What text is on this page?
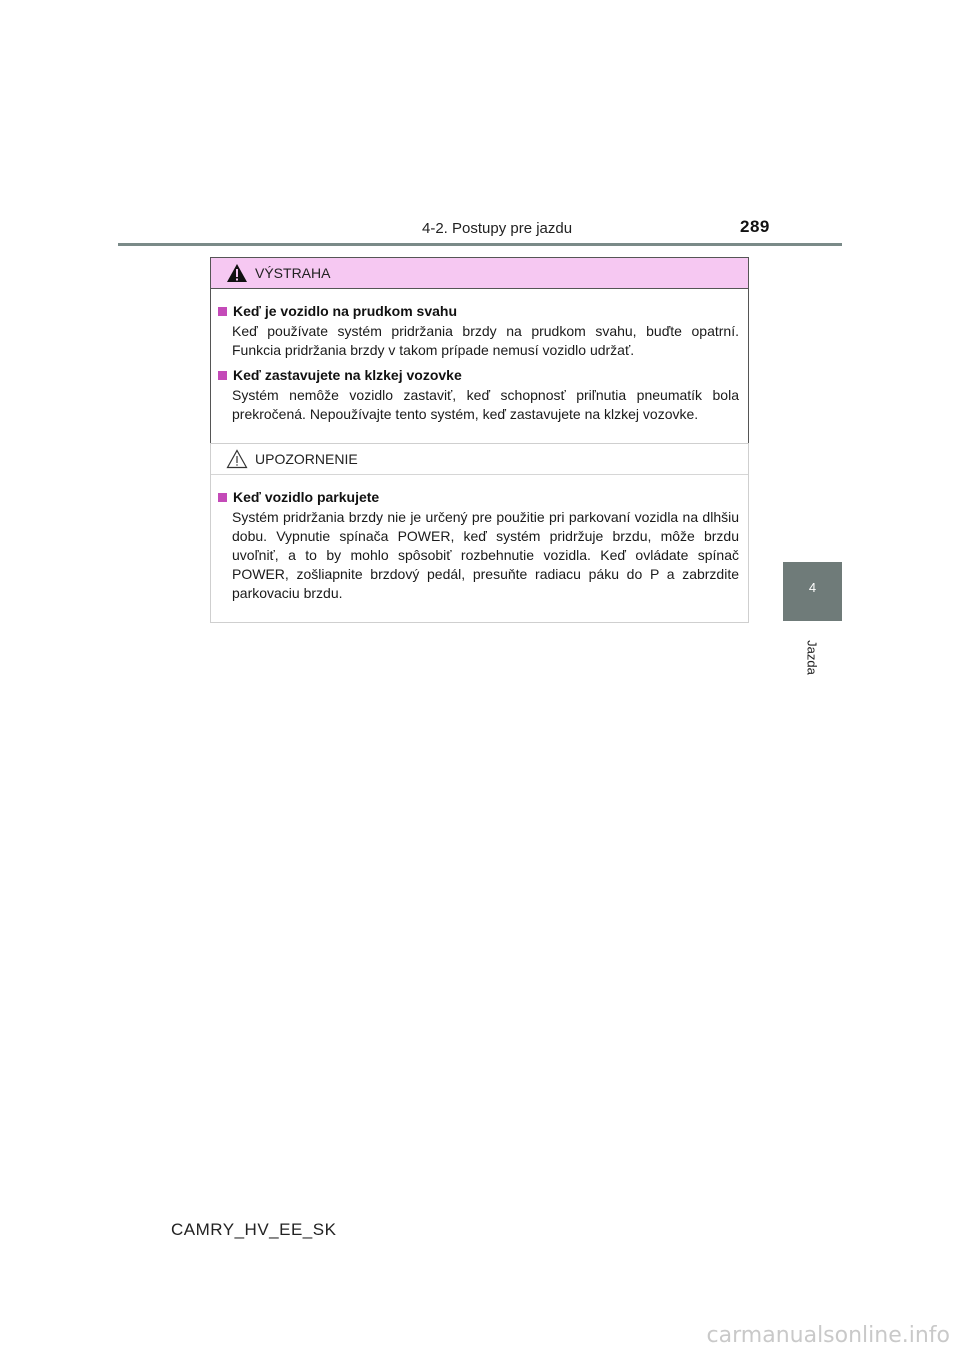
4-2. Postupy pre jazdu	289
4
Jazda
VÝSTRAHA
Keď je vozidlo na prudkom svahu

Keď používate systém pridržania brzdy na prudkom svahu, buďte opatrní. Funkcia pridržania brzdy v takom prípade nemusí vozidlo udržať.

Keď zastavujete na klzkej vozovke

Systém nemôže vozidlo zastaviť, keď schopnosť priľnutia pneumatík bola prekročená. Nepoužívajte tento systém, keď zastavujete na klzkej vozovke.

UPOZORNENIE
Keď vozidlo parkujete

Systém pridržania brzdy nie je určený pre použitie pri parkovaní vozidla na dlhšiu dobu. Vypnutie spínača POWER, keď systém pridržuje brzdu, môže brzdu uvoľniť, a to by mohlo spôsobiť rozbehnutie vozidla. Keď ovládate spínač POWER, zošliapnite brzdový pedál, presuňte radiacu páku do P a zabrzdite parkovaciu brzdu.

CAMRY_HV_EE_SK
carmanualsonline.info
